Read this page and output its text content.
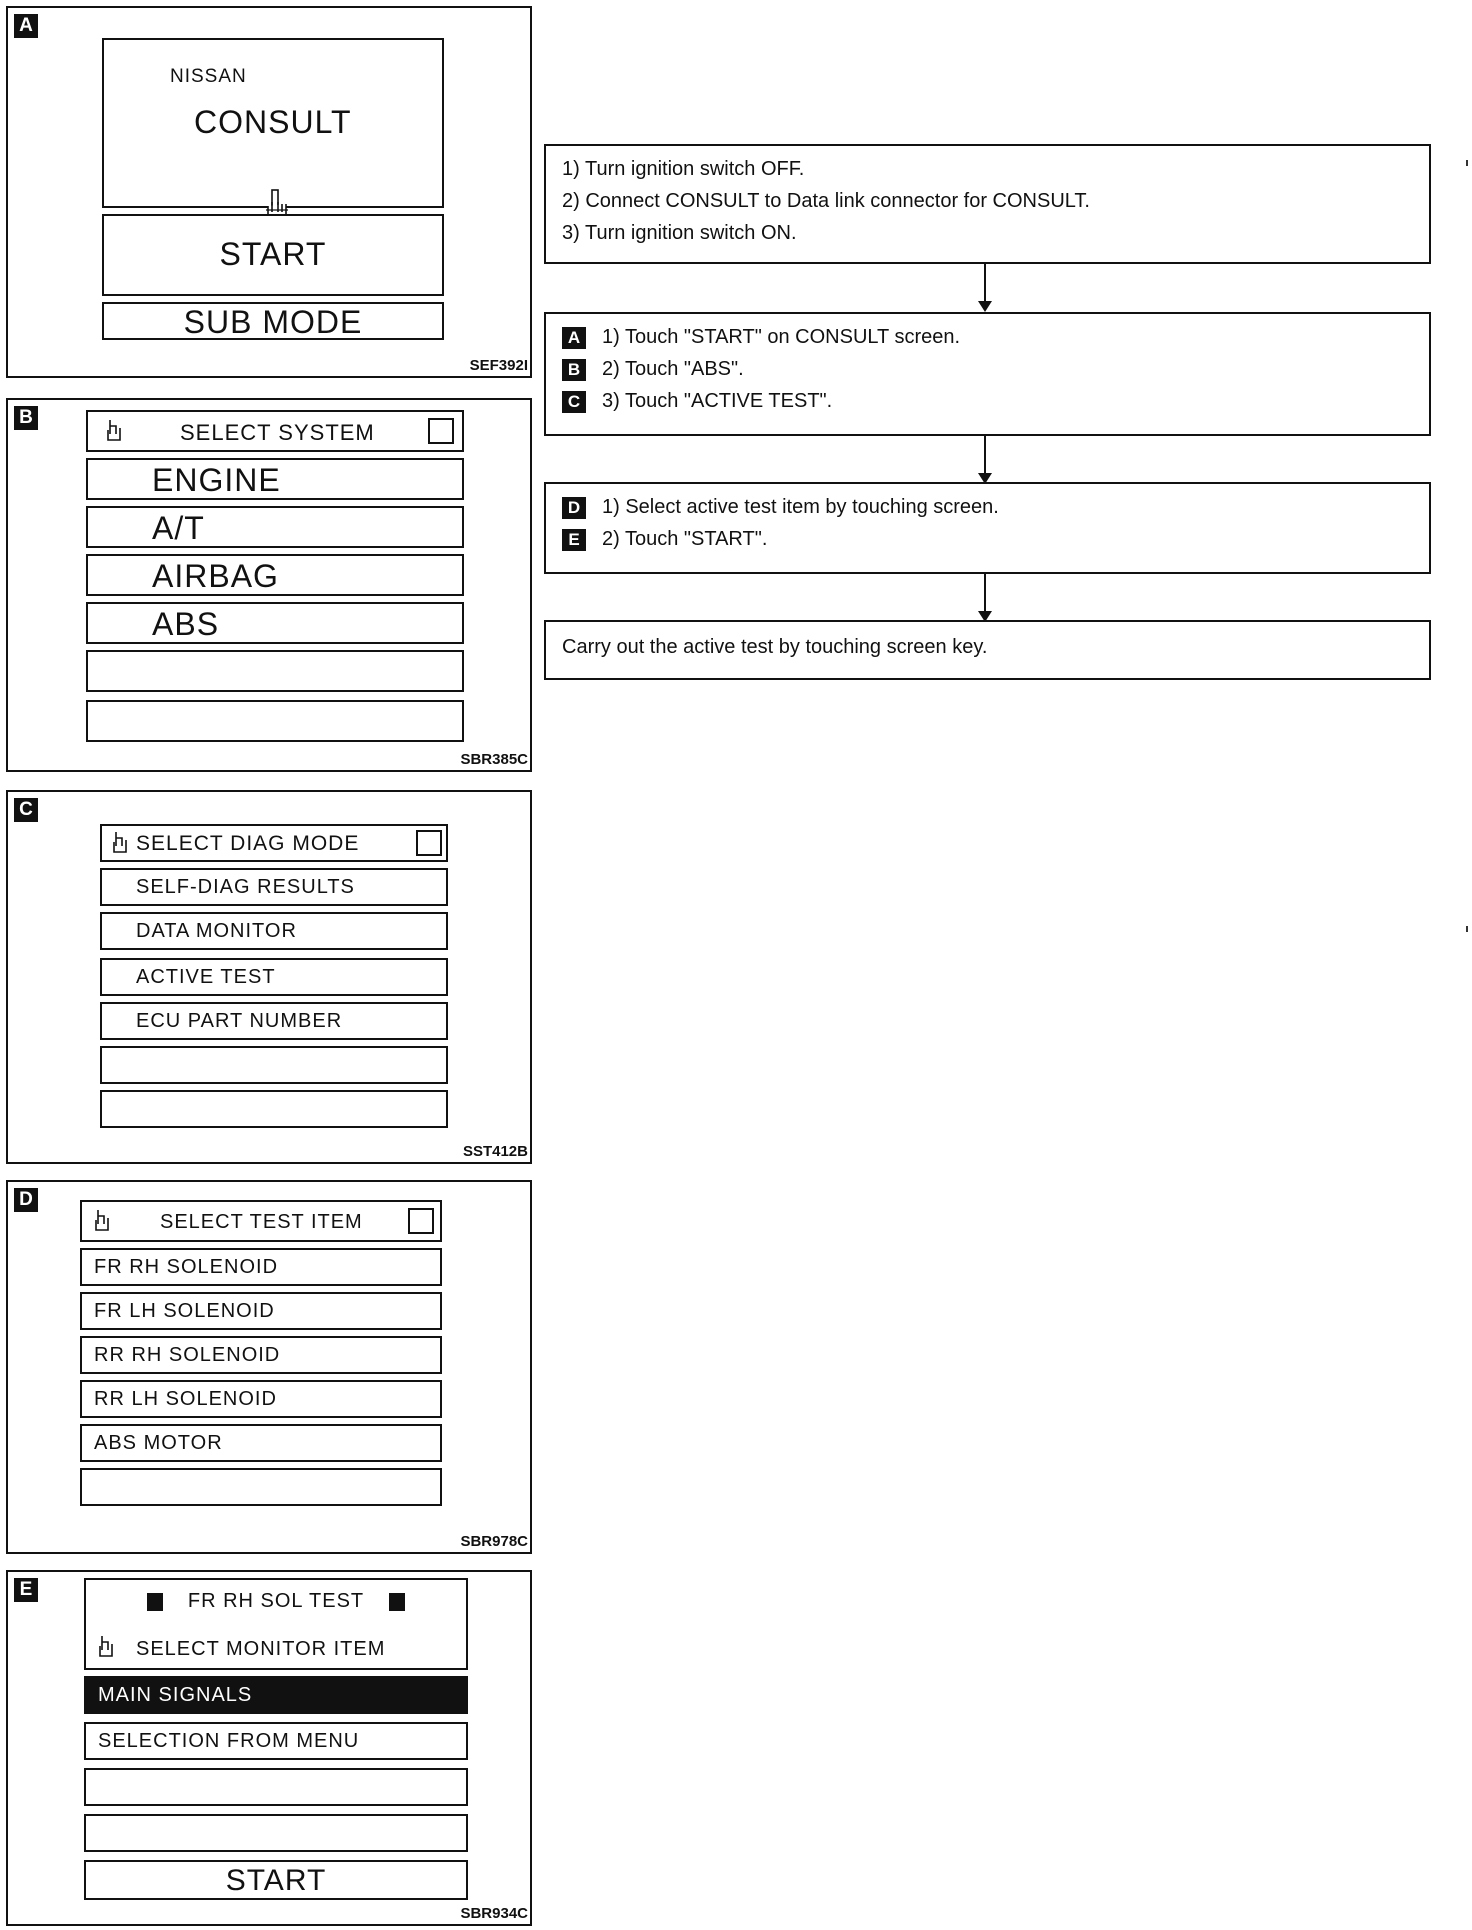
A
NISSAN
CONSULT
START
SUB MODE
SEF392I
B
SELECT SYSTEM
ENGINE
A/T
AIRBAG
ABS
SBR385C
C
SELECT DIAG MODE
SELF-DIAG RESULTS
DATA MONITOR
ACTIVE TEST
ECU PART NUMBER
SST412B
D
SELECT TEST ITEM
FR RH SOLENOID
FR LH SOLENOID
RR RH SOLENOID
RR LH SOLENOID
ABS MOTOR
SBR978C
E
FR RH SOL TEST
SELECT MONITOR ITEM
MAIN SIGNALS
SELECTION FROM MENU
START
SBR934C
1) Turn ignition switch OFF.
2) Connect CONSULT to Data link connector for CONSULT.
3) Turn ignition switch ON.
A 1) Touch "START" on CONSULT screen.
B 2) Touch "ABS".
C 3) Touch "ACTIVE TEST".
D 1) Select active test item by touching screen.
E	2) Touch "START".
Carry out the active test by touching screen key.
